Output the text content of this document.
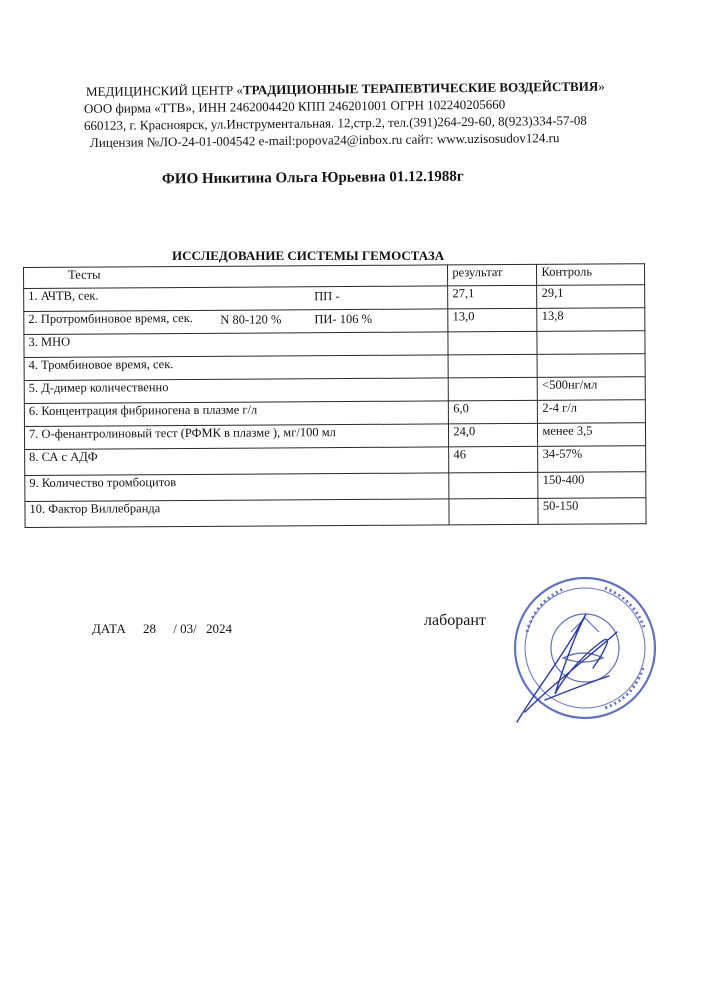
МЕДИЦИНСКИЙ ЦЕНТР «ТРАДИЦИОННЫЕ ТЕРАПЕВТИЧЕСКИЕ ВОЗДЕЙСТВИЯ»
ООО фирма «ТТВ», ИНН 2462004420 КПП 246201001 ОГРН 102240205660
660123, г. Красноярск, ул.Инструментальная. 12,стр.2, тел.(391)264-29-60, 8(923)334-57-08
Лицензия №ЛО-24-01-004542 e-mail:popova24@inbox.ru сайт: www.uzisosudov124.ru
ФИО Никитина Ольга Юрьевна 01.12.1988г
ИССЛЕДОВАНИЕ СИСТЕМЫ ГЕМОСТАЗА
Тесты	результат	Контроль
1. АЧТВ, сек. ПП -	27,1	29,1
2. Протромбиновое время, сек. N 80-120 % ПИ- 106 %	13,0	13,8
3. МНО		
4. Тромбиновое время, сек.		
5. Д-димер количественно		<500нг/мл
6. Концентрация фибриногена в плазме г/л	6,0	2-4 г/л
7. О-фенантролиновый тест (РФМК в плазме ), мг/100 мл	24,0	менее 3,5
8. СА с АДФ	46	34-57%
9. Количество тромбоцитов		150-400
10. Фактор Виллебранда		50-150
ДАТА 28 / 03/ 2024	лаборант
